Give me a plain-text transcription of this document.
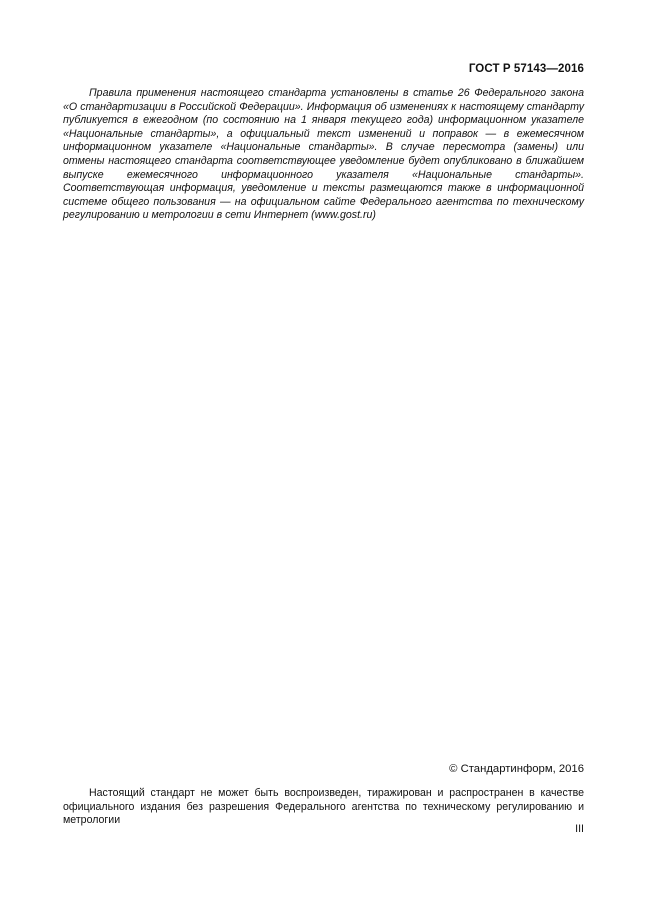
ГОСТ Р 57143—2016

Правила применения настоящего стандарта установлены в статье 26 Федерального закона «О стандартизации в Российской Федерации». Информация об изменениях к настоящему стандарту публикуется в ежегодном (по состоянию на 1 января текущего года) информационном указателе «Национальные стандарты», а официальный текст изменений и поправок — в ежемесячном информационном указателе «Национальные стандарты». В случае пересмотра (замены) или отмены настоящего стандарта соответствующее уведомление будет опубликовано в ближайшем выпуске ежемесячного информационного указателя «Национальные стандарты». Соответствующая информация, уведомление и тексты размещаются также в информационной системе общего пользования — на официальном сайте Федерального агентства по техническому регулированию и метрологии в сети Интернет (www.gost.ru)

© Стандартинформ, 2016

Настоящий стандарт не может быть воспроизведен, тиражирован и распространен в качестве официального издания без разрешения Федерального агентства по техническому регулированию и метрологии

III
